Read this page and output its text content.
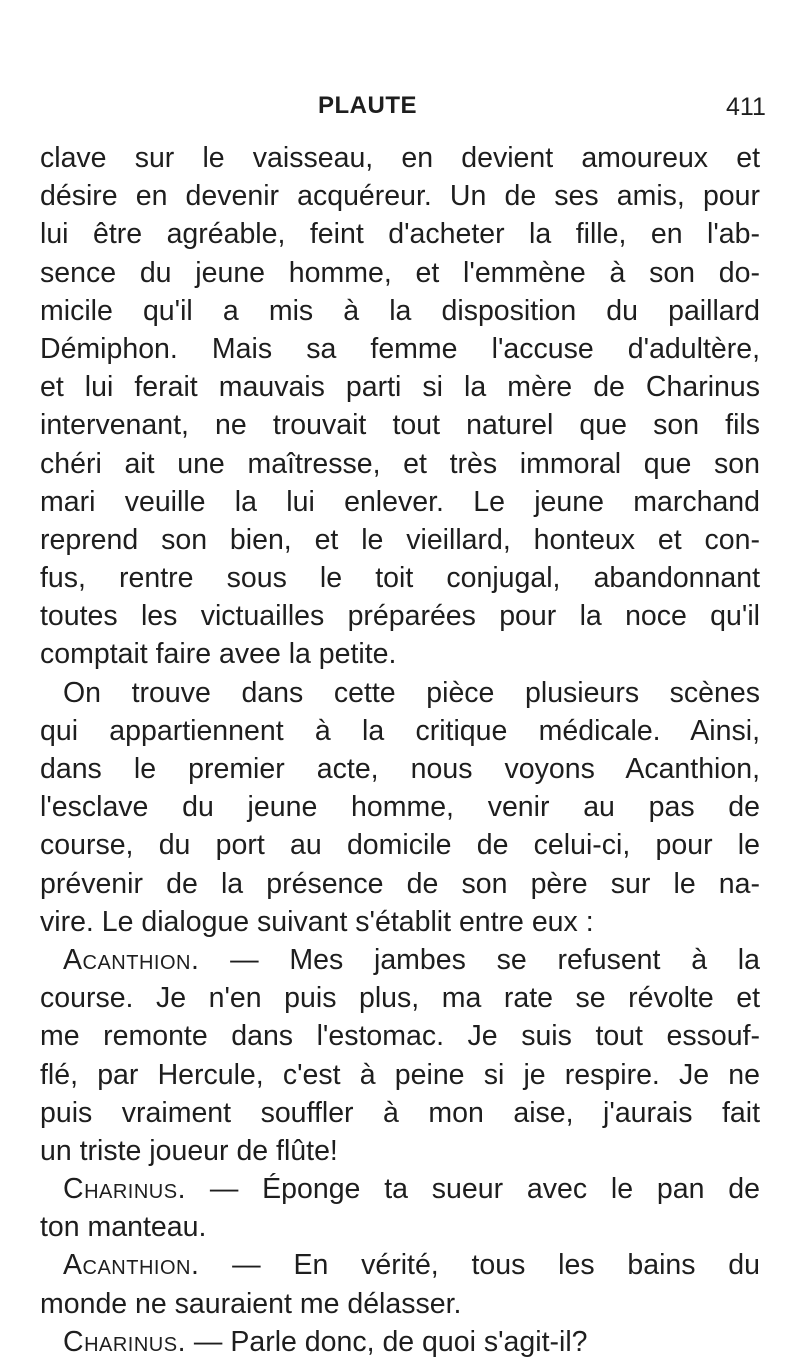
PLAUTE	411
clave sur le vaisseau, en devient amoureux et
désire en devenir acquéreur. Un de ses amis, pour
lui être agréable, feint d'acheter la fille, en l'ab-
sence du jeune homme, et l'emmène à son do-
micile qu'il a mis à la disposition du paillard
Démiphon. Mais sa femme l'accuse d'adultère,
et lui ferait mauvais parti si la mère de Charinus
intervenant, ne trouvait tout naturel que son fils
chéri ait une maîtresse, et très immoral que son
mari veuille la lui enlever. Le jeune marchand
reprend son bien, et le vieillard, honteux et con-
fus, rentre sous le toit conjugal, abandonnant
toutes les victuailles préparées pour la noce qu'il
comptait faire avee la petite.
On trouve dans cette pièce plusieurs scènes
qui appartiennent à la critique médicale. Ainsi,
dans le premier acte, nous voyons Acanthion,
l'esclave du jeune homme, venir au pas de
course, du port au domicile de celui-ci, pour le
prévenir de la présence de son père sur le na-
vire. Le dialogue suivant s'établit entre eux :
Acanthion. — Mes jambes se refusent à la
course. Je n'en puis plus, ma rate se révolte et
me remonte dans l'estomac. Je suis tout essouf-
flé, par Hercule, c'est à peine si je respire. Je ne
puis vraiment souffler à mon aise, j'aurais fait
un triste joueur de flûte!
Charinus. — Éponge ta sueur avec le pan de
ton manteau.
Acanthion. — En vérité, tous les bains du
monde ne sauraient me délasser.
Charinus. — Parle donc, de quoi s'agit-il?
